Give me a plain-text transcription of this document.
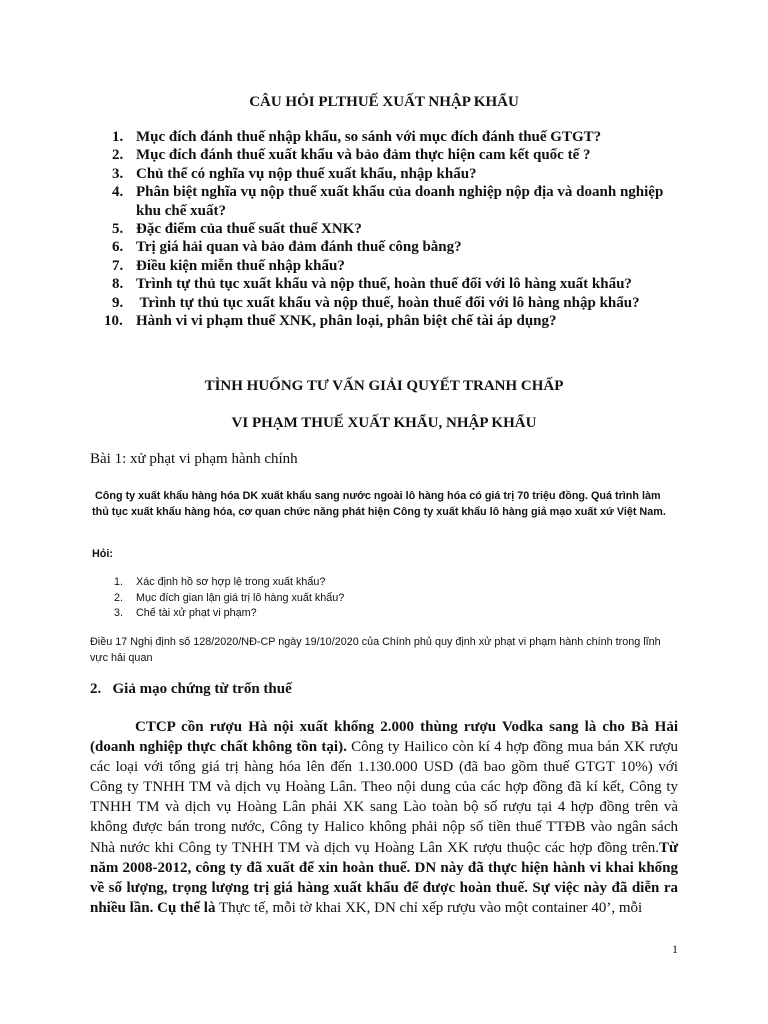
CÂU HỎI PLTHUẾ XUẤT NHẬP KHẨU
1. Mục đích đánh thuế nhập khẩu, so sánh với mục đích đánh thuế GTGT?
2. Mục đích đánh thuế xuất khẩu và bảo đảm thực hiện cam kết quốc tế ?
3. Chủ thể có nghĩa vụ nộp thuế xuất khẩu, nhập khẩu?
4. Phân biệt nghĩa vụ nộp thuế xuất khẩu của doanh nghiệp nộp địa và doanh nghiệp khu chế xuất?
5. Đặc điểm của thuế suất thuế XNK?
6. Trị giá hải quan và bảo đảm đánh thuế công bằng?
7. Điều kiện miễn thuế nhập khẩu?
8. Trình tự thủ tục xuất khẩu và nộp thuế, hoàn thuế đối với lô hàng xuất khẩu?
9. Trình tự thủ tục xuất khẩu và nộp thuế, hoàn thuế đối với lô hàng nhập khẩu?
10. Hành vi vi phạm thuế XNK, phân loại, phân biệt chế tài áp dụng?
TÌNH HUỐNG TƯ VẤN GIẢI QUYẾT TRANH CHẤP
VI PHẠM THUẾ XUẤT KHẨU, NHẬP KHẨU
Bài 1: xử phạt vi phạm hành chính
Công ty xuất khẩu hàng hóa DK xuất khẩu sang nước ngoài lô hàng hóa có giá trị 70 triệu đồng. Quá trình làm thủ tục xuất khẩu hàng hóa, cơ quan chức năng phát hiện Công ty xuất khẩu lô hàng giả mạo xuất xứ Việt Nam.
Hỏi:
1.	Xác định hồ sơ hợp lệ trong xuất khẩu?
2.	Mục đích gian lận giá trị lô hàng xuất khẩu?
3.	Chế tài xử phạt vi phạm?
Điều 17 Nghị định số 128/2020/NĐ-CP ngày 19/10/2020 của Chính phủ quy định xử phạt vi phạm hành chính trong lĩnh vực hải quan
2.   Giả mạo chứng từ trốn thuế
CTCP cồn rượu Hà nội xuất khống 2.000 thùng rượu Vodka sang là cho Bà Hải (doanh nghiệp thực chất không tồn tại). Công ty Hailico còn kí 4 hợp đồng mua bán XK rượu các loại với tổng giá trị hàng hóa lên đến 1.130.000 USD (đã bao gồm thuế GTGT 10%) với Công ty TNHH TM và dịch vụ Hoàng Lân. Theo nội dung của các hợp đồng đã kí kết, Công ty TNHH TM và dịch vụ Hoàng Lân phải XK sang Lào toàn bộ số rượu tại 4 hợp đồng trên và không được bán trong nước, Công ty Halico không phải nộp số tiền thuế TTĐB vào ngân sách Nhà nước khi Công ty TNHH TM và dịch vụ Hoàng Lân XK rượu thuộc các hợp đồng trên.Từ năm 2008-2012, công ty đã xuất để xin hoàn thuế. DN này đã thực hiện hành vi khai khống về số lượng, trọng lượng trị giá hàng xuất khẩu để được hoàn thuế. Sự việc này đã diễn ra nhiều lần. Cụ thể là Thực tế, mỗi tờ khai XK, DN chỉ xếp rượu vào một container 40’, mỗi
1
